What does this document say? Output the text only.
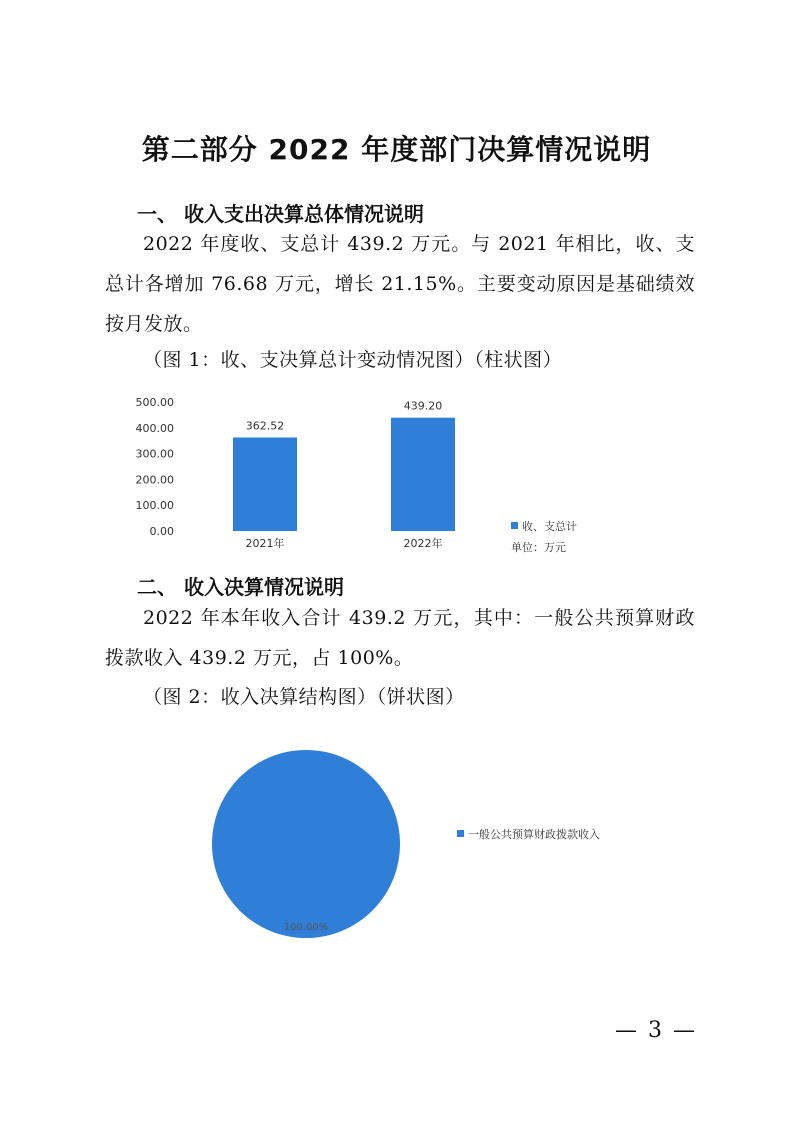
第二部分 2022 年度部门决算情况说明
一、 收入支出决算总体情况说明
2022 年度收、支总计 439.2 万元。与 2021 年相比，收、支总计各增加 76.68 万元，增长 21.15%。主要变动原因是基础绩效按月发放。
（图 1：收、支决算总计变动情况图）（柱状图）
0.00
100.00
200.00
300.00
400.00
500.00
362.52
2021年
439.20
2022年
收、支总计
单位：万元
二、 收入决算情况说明
2022 年本年收入合计 439.2 万元，其中：一般公共预算财政拨款收入 439.2 万元，占 100%。
（图 2：收入决算结构图）（饼状图）
100.00%
一般公共预算财政拨款收入
— 3 —
